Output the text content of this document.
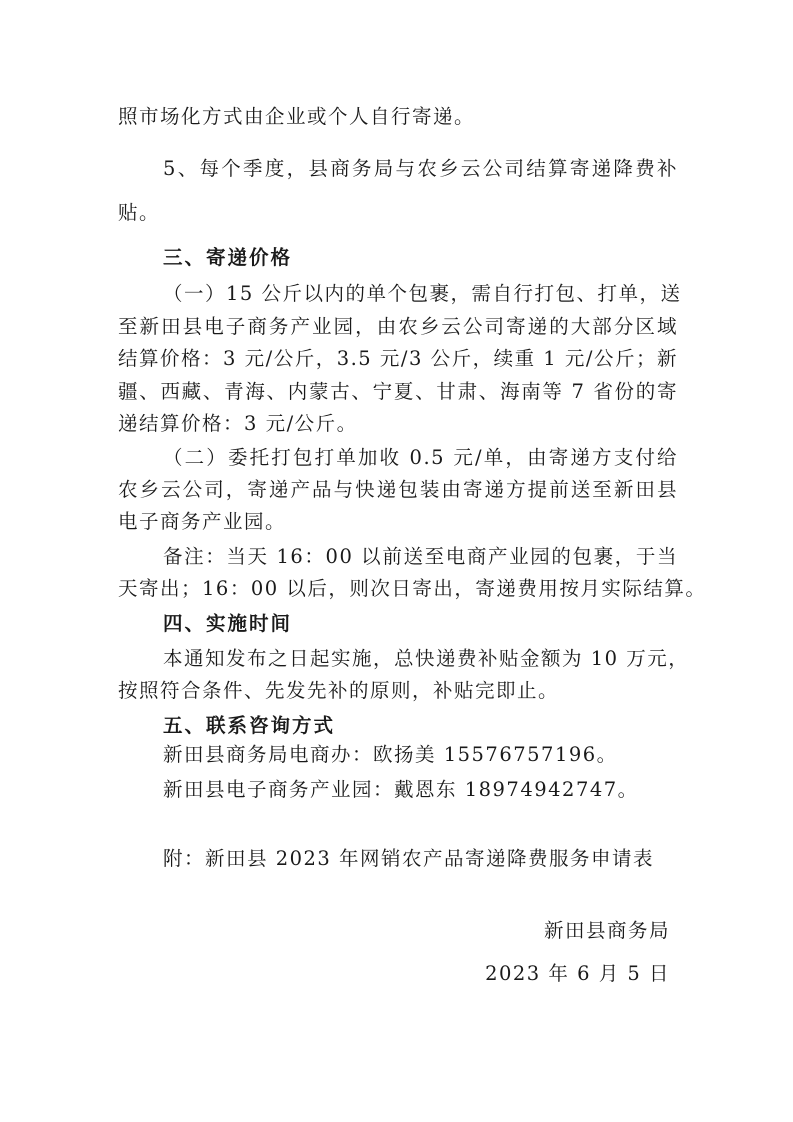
照市场化方式由企业或个人自行寄递。

5、每个季度，县商务局与农乡云公司结算寄递降费补

贴。

三、寄递价格

（一）15 公斤以内的单个包裹，需自行打包、打单，送

至新田县电子商务产业园，由农乡云公司寄递的大部分区域

结算价格：3 元/公斤，3.5 元/3 公斤，续重 1 元/公斤；新

疆、西藏、青海、内蒙古、宁夏、甘肃、海南等 7 省份的寄

递结算价格：3 元/公斤。

（二）委托打包打单加收 0.5 元/单，由寄递方支付给

农乡云公司，寄递产品与快递包装由寄递方提前送至新田县

电子商务产业园。

备注：当天 16：00 以前送至电商产业园的包裹，于当

天寄出；16：00 以后，则次日寄出，寄递费用按月实际结算。

四、实施时间

本通知发布之日起实施，总快递费补贴金额为 10 万元，

按照符合条件、先发先补的原则，补贴完即止。

五、联系咨询方式

新田县商务局电商办：欧扬美 15576757196。

新田县电子商务产业园：戴恩东 18974942747。

附：新田县 2023 年网销农产品寄递降费服务申请表

新田县商务局

2023 年 6 月 5 日
